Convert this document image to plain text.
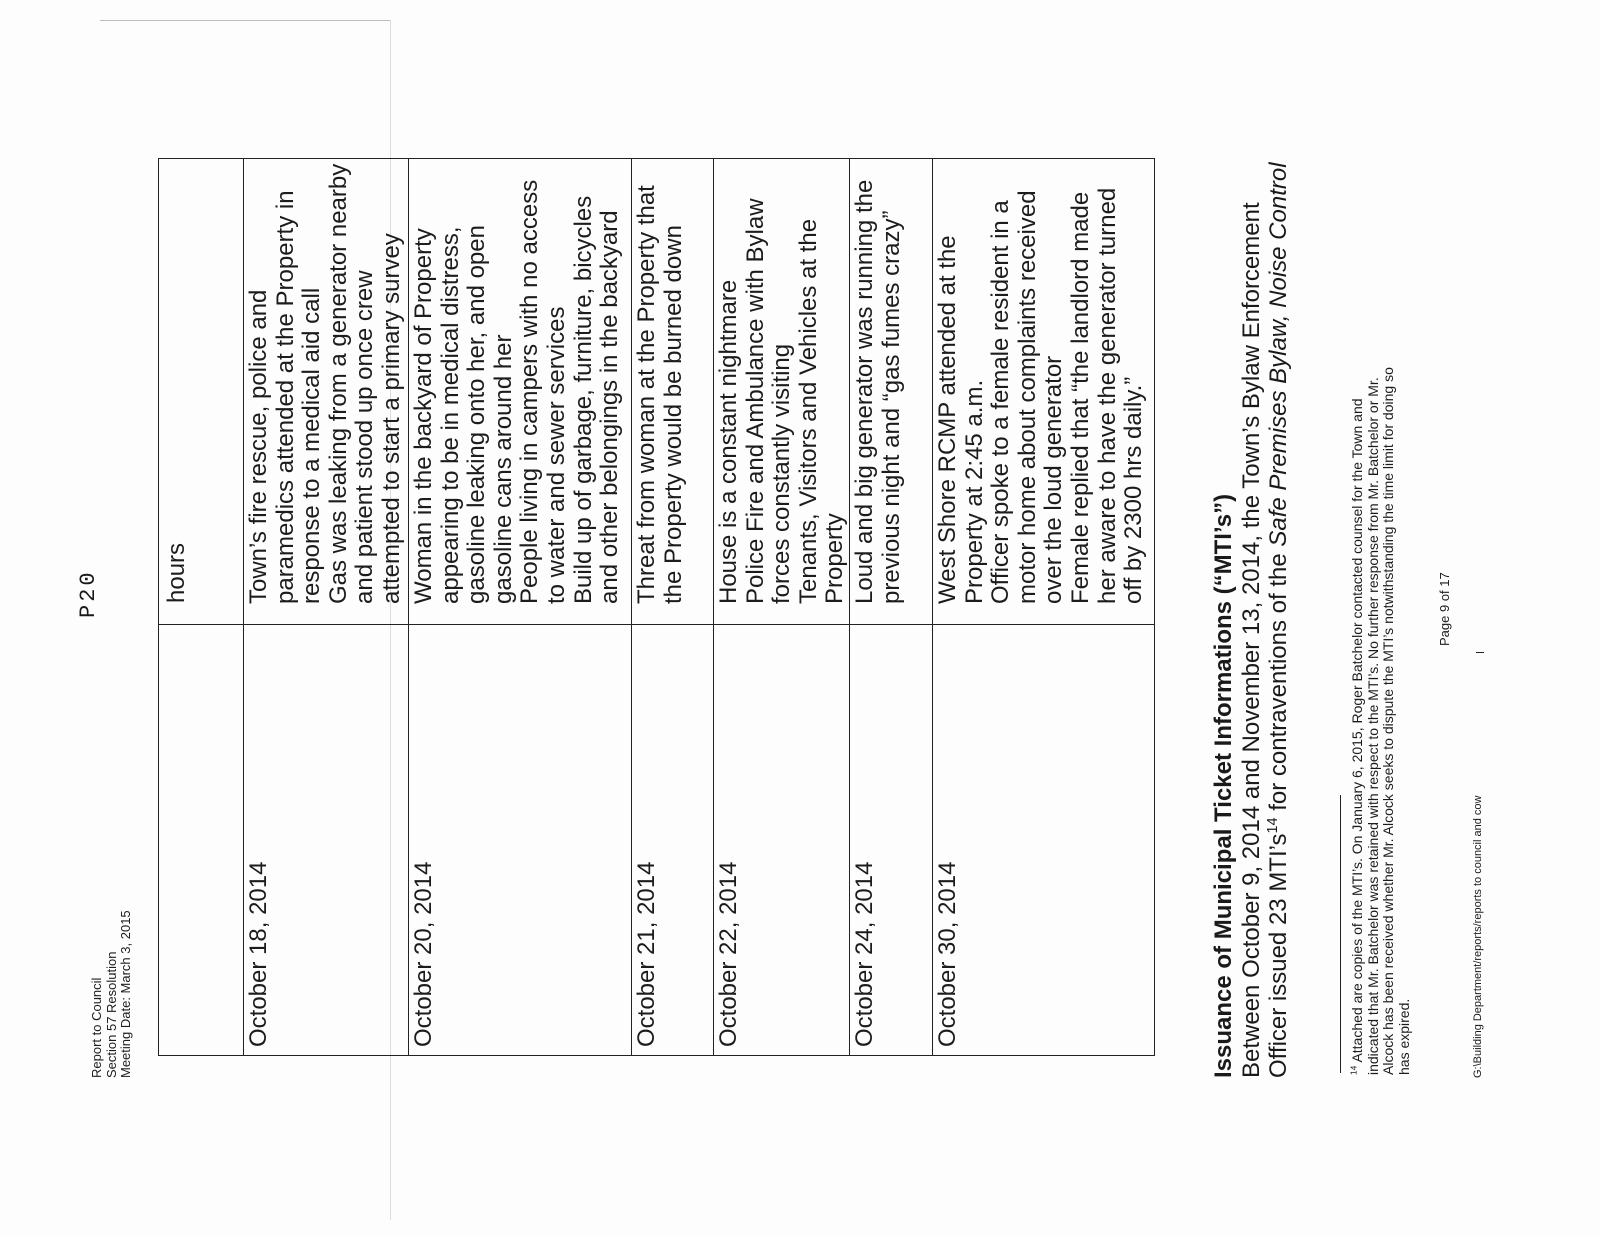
Report to Council Section 57 Resolution Meeting Date: March 3, 2015
P20	hours
October 18, 2014
Town’s fire rescue, police and paramedics attended at the Property in response to a medical aid call Gas was leaking from a generator nearby and patient stood up once crew attempted to start a primary survey
October 20, 2014
Woman in the backyard of Property appearing to be in medical distress, gasoline leaking onto her, and open gasoline cans around her People living in campers with no access to water and sewer services Build up of garbage, furniture, bicycles and other belongings in the backyard
October 21, 2014
Threat from woman at the Property that the Property would be burned down
October 22, 2014
House is a constant nightmare Police Fire and Ambulance with Bylaw forces constantly visiting Tenants, Visitors and Vehicles at the Property
October 24, 2014
Loud and big generator was running the previous night and “gas fumes crazy”
October 30, 2014
West Shore RCMP attended at the Property at 2:45 a.m. Officer spoke to a female resident in a motor home about complaints received over the loud generator Female replied that “the landlord made her aware to have the generator turned off by 2300 hrs daily.”
Issuance of Municipal Ticket Informations (“MTI’s”) Between October 9, 2014 and November 13, 2014, the Town’s Bylaw Enforcement Officer issued 23 $MTI’s^{14}$ for contraventions of the Safe Premises Bylaw, Noise Control
$^{14}$ Attached are copies of the MTI’s. On January 6, 2015, Roger Batchelor contacted counsel for the Town and indicated that Mr. Batchelor was retained with respect to the MTI’s. No further response from Mr. Batchelor or Mr. Alcock has been received whether Mr. Alcock seeks to dispute the MTI’s notwithstanding the time limit for doing so has expired.
Page 9 of 17
G:\Building Department/reports/reports to council and cow
